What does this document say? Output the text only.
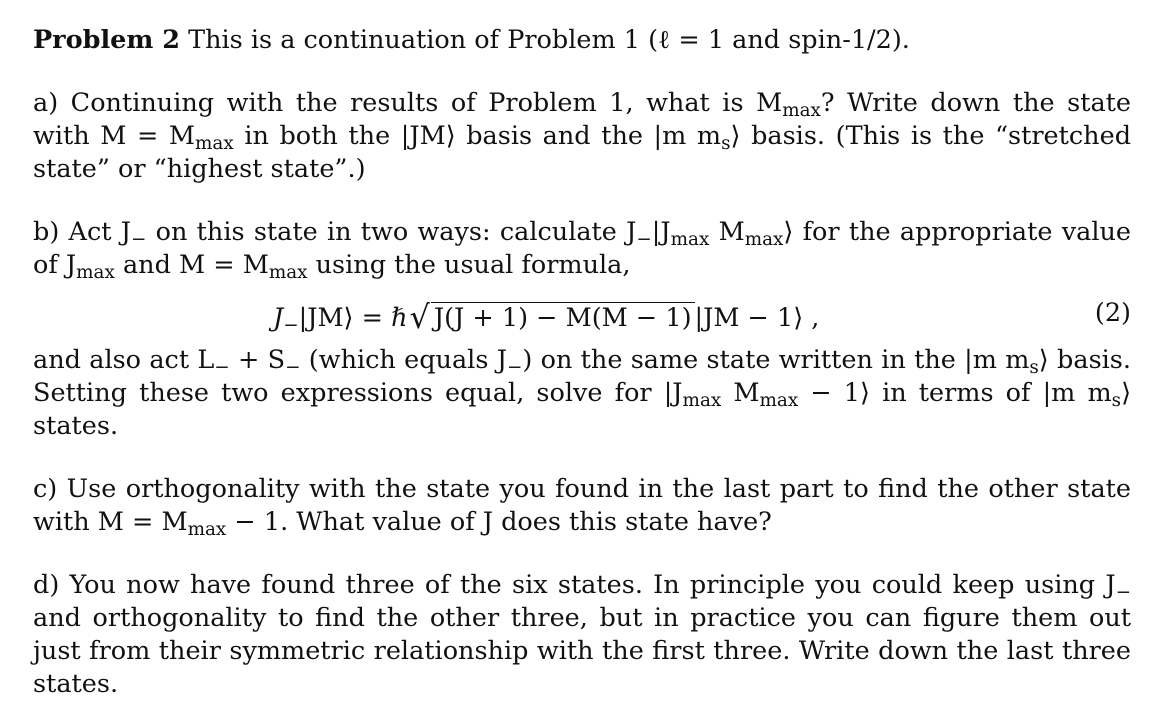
Problem 2 This is a continuation of Problem 1 (ℓ = 1 and spin-1/2).

a) Continuing with the results of Problem 1, what is $M_{max}$? Write down the state with $M = M_{max}$ in both the |JM⟩ basis and the |m $m_s⟩$ basis. (This is the “stretched state” or “highest state”.)

b) Act $J_-$ on this state in two ways: calculate $J_-|J_{max}$ $M_{max}⟩$ for the appropriate value of $J_{max}$ and $M = M_{max}$ using the usual formula,

$J_-|JM⟩$ = ℏ√ J(J + 1) − M(M − 1) |JM − 1⟩ ,	(2)

and also act $L_- + S_-$ (which equals $J_-$) on the same state written in the |m $m_s⟩$ basis. Setting these two expressions equal, solve for $|J_{max}$ $M_{max}$ − 1⟩ in terms of |m $m_s⟩$ states.

c) Use orthogonality with the state you found in the last part to find the other state with $M = M_{max} - 1$. What value of J does this state have?

d) You now have found three of the six states. In principle you could keep using $J_-$ and orthogonality to find the other three, but in practice you can figure them out just from their symmetric relationship with the first three. Write down the last three states.
